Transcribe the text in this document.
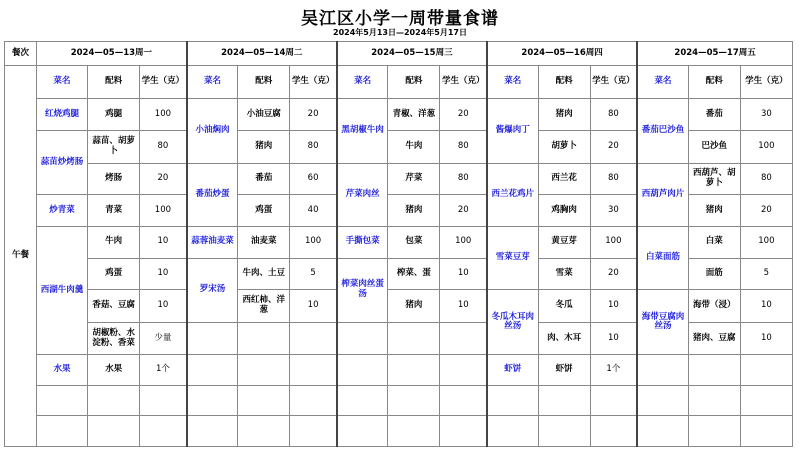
吴江区小学一周带量食谱
2024年5月13日—2024年5月17日
餐次	2024—05—13周一			2024—05—14周二			2024—05—15周三			2024—05—16周四			2024—05—17周五		
午餐	菜名	配料	学生（克）	菜名	配料	学生（克）	菜名	配料	学生（克）	菜名	配料	学生（克）	菜名	配料	学生（克）
	红烧鸡腿	鸡腿	100	小油焖肉	小油豆腐	20	黑胡椒牛肉	青椒、洋葱	20	酱爆肉丁	猪肉	80	番茄巴沙鱼	番茄	30
	蒜苗炒烤肠	蒜苗、胡萝卜	80		猪肉	80		牛肉	80		胡萝卜	20		巴沙鱼	100
		烤肠	20	番茄炒蛋	番茄	60	芹菜肉丝	芹菜	80	西兰花鸡片	西兰花	80	西葫芦肉片	西葫芦、胡萝卜	80
	炒青菜	青菜	100		鸡蛋	40		猪肉	20		鸡胸肉	30		猪肉	20
	西湖牛肉羹	牛肉	10	蒜蓉油麦菜	油麦菜	100	手撕包菜	包菜	100	雪菜豆芽	黄豆芽	100	白菜面筋	白菜	100
		鸡蛋	10	罗宋汤	牛肉、土豆	5	榨菜肉丝蛋汤	榨菜、蛋	10		雪菜	20		面筋	5
		香菇、豆腐	10		西红柿、洋葱	10		猪肉	10	冬瓜木耳肉丝汤	冬瓜	10	海带豆腐肉丝汤	海带（浸）	10
		胡椒粉、水淀粉、香菜	少量								肉、木耳	10		猪肉、豆腐	10
	水果	水果	1个							虾饼	虾饼	1个			
